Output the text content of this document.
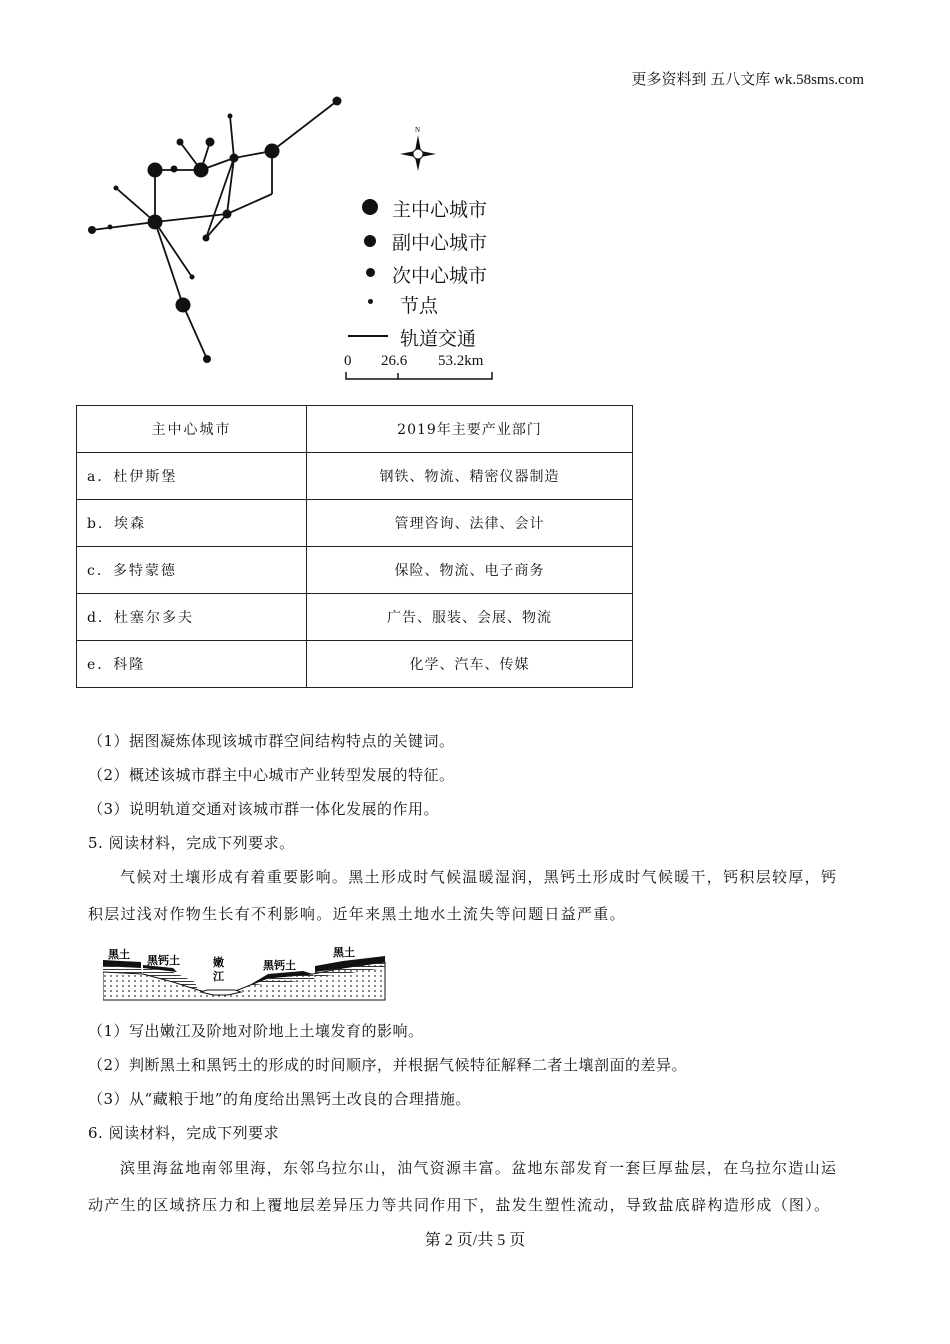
更多资料到 五八文库 wk.58sms.com
N
主中心城市
副中心城市
次中心城市
节点
轨道交通
0 26.6 53.2km
主中心城市	2019年主要产业部门
a．杜伊斯堡	钢铁、物流、精密仪器制造
b．埃森	管理咨询、法律、会计
c．多特蒙德	保险、物流、电子商务
d．杜塞尔多夫	广告、服装、会展、物流
e．科隆	化学、汽车、传媒
（1）据图凝炼体现该城市群空间结构特点的关键词。
（2）概述该城市群主中心城市产业转型发展的特征。
（3）说明轨道交通对该城市群一体化发展的作用。
5. 阅读材料，完成下列要求。
气候对土壤形成有着重要影响。黑土形成时气候温暖湿润，黑钙土形成时气候暖干，钙积层较厚，钙
积层过浅对作物生长有不利影响。近年来黑土地水土流失等问题日益严重。
黑土 黑钙土	嫩
江
黑钙土
黑土
（1）写出嫩江及阶地对阶地上土壤发育的影响。
（2）判断黑土和黑钙土的形成的时间顺序，并根据气候特征解释二者土壤剖面的差异。
（3）从“藏粮于地”的角度给出黑钙土改良的合理措施。
6. 阅读材料，完成下列要求
滨里海盆地南邻里海，东邻乌拉尔山，油气资源丰富。盆地东部发育一套巨厚盐层，在乌拉尔造山运
动产生的区域挤压力和上覆地层差异压力等共同作用下，盐发生塑性流动，导致盐底辟构造形成（图）。
第 2 页/共 5 页
